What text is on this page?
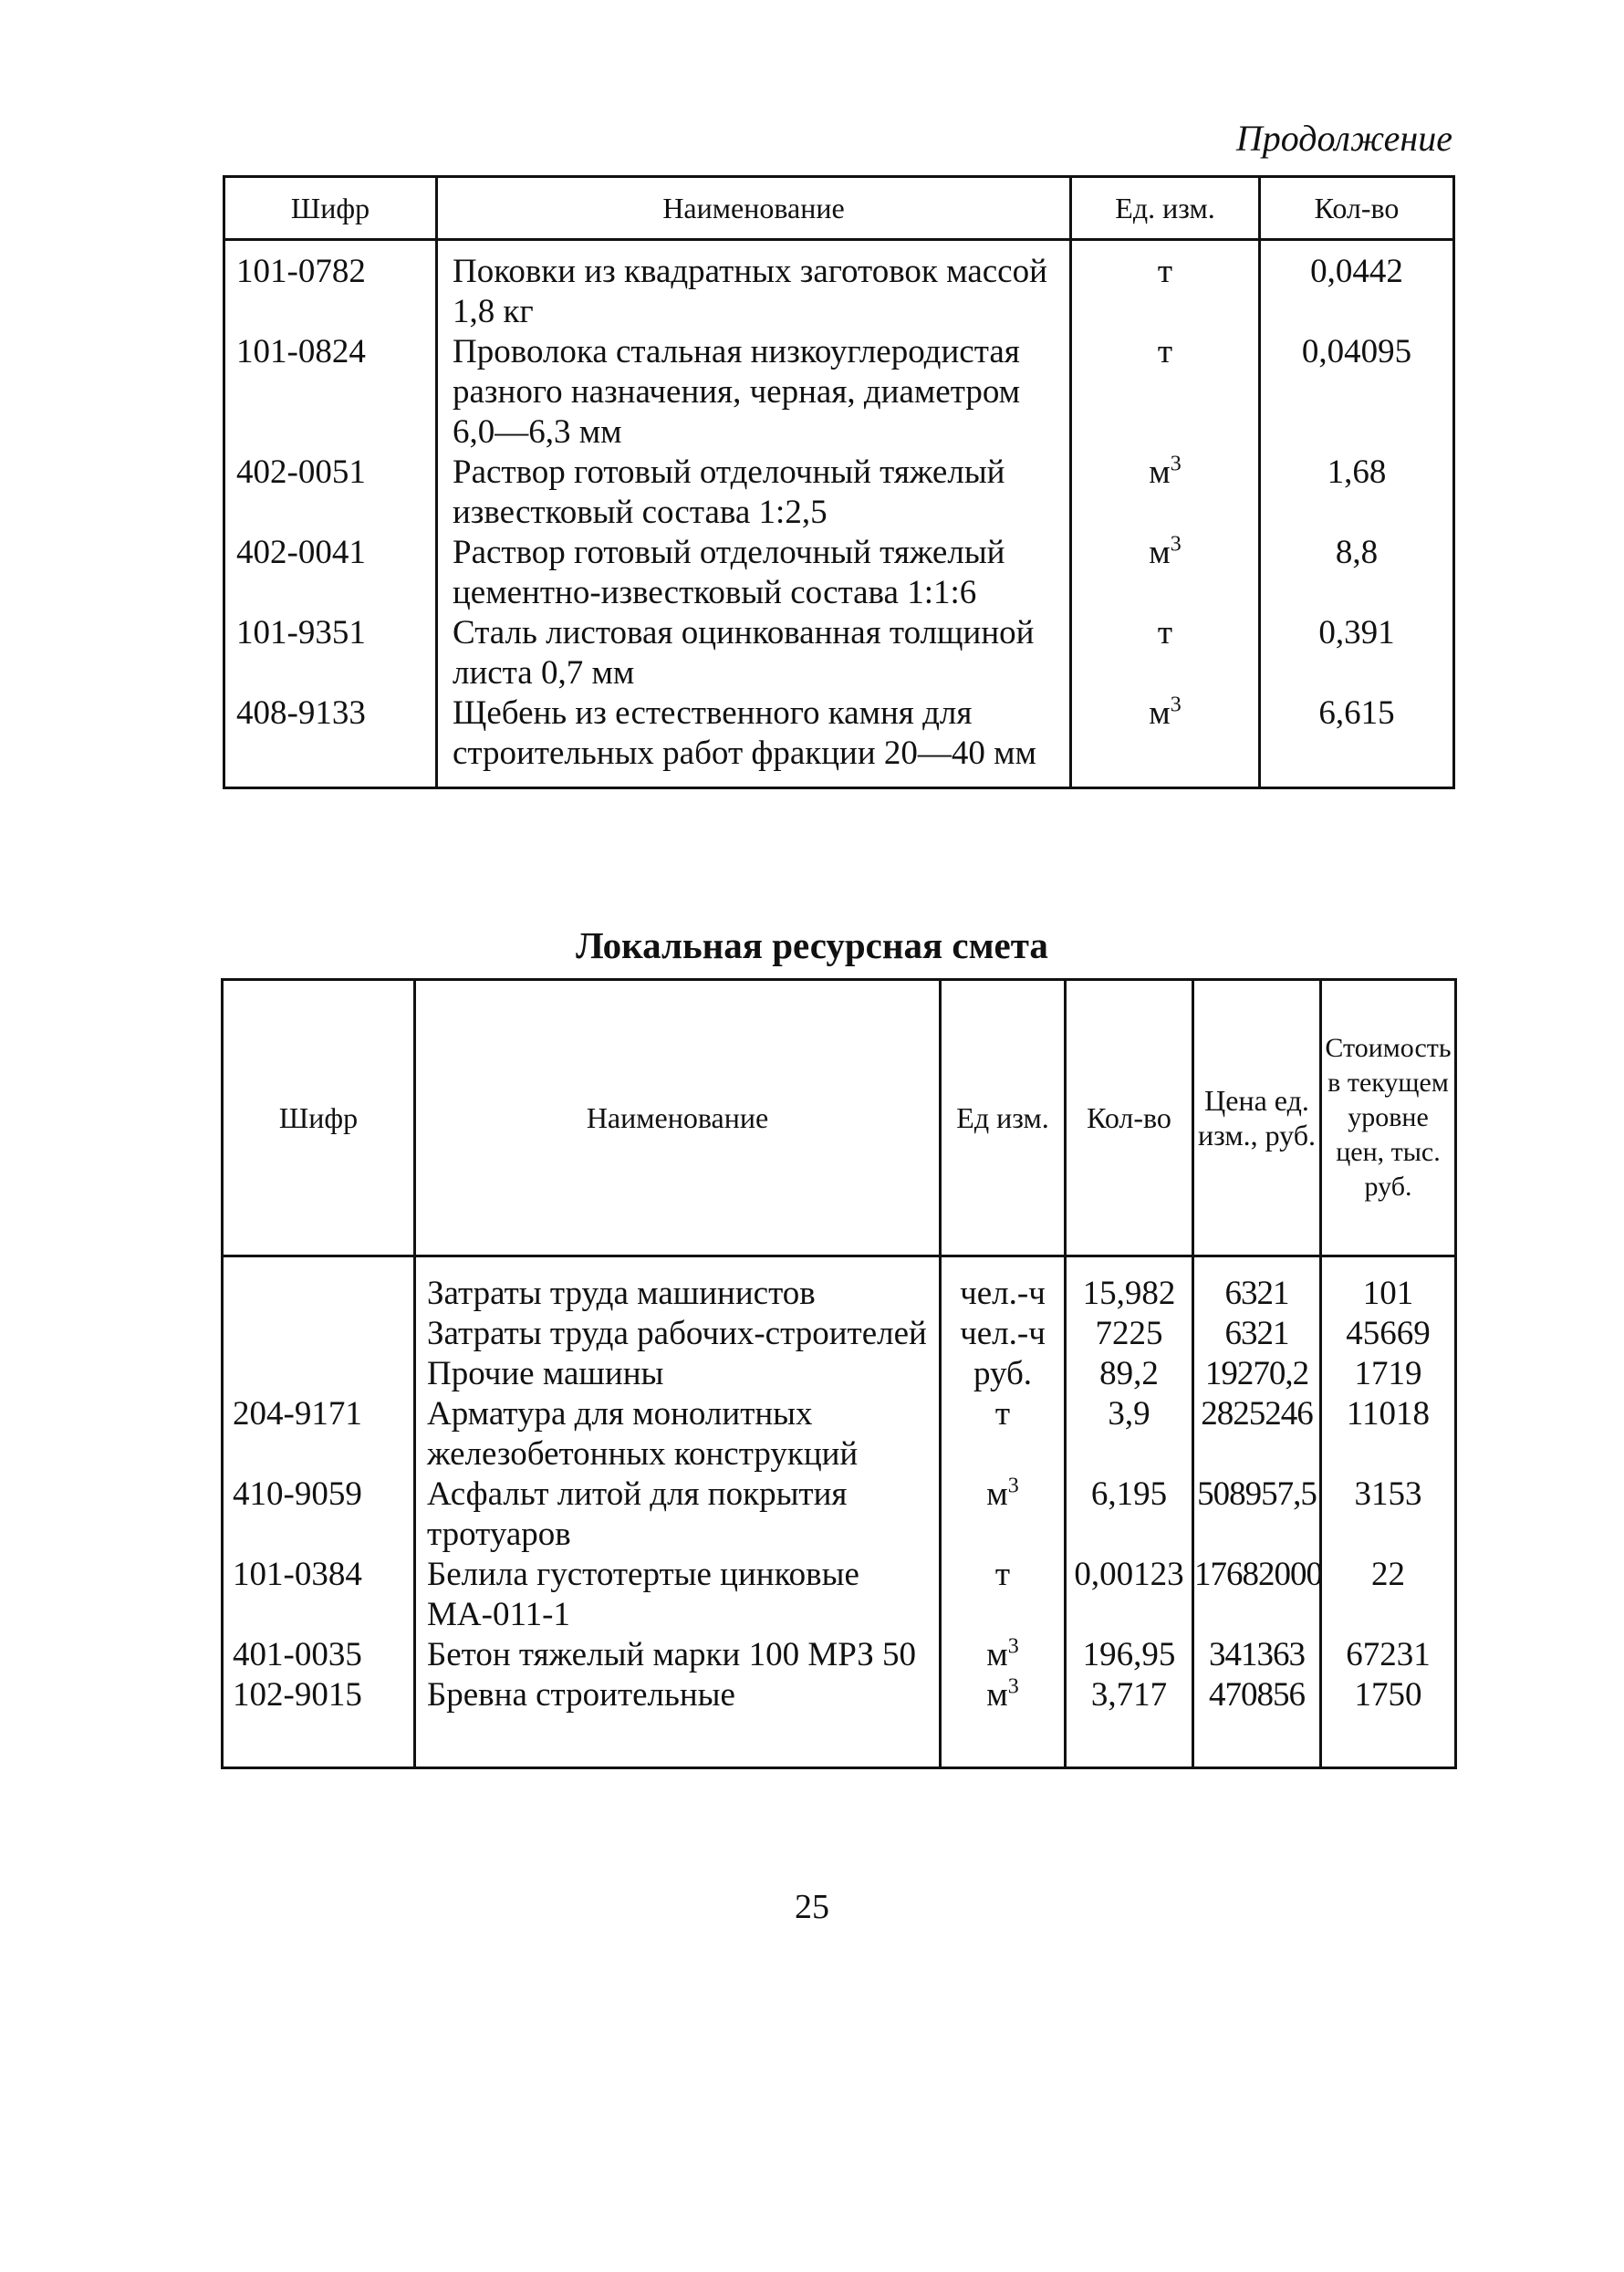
Продолжение
Шифр	Наименование	Ед. изм.	Кол-во
101-0782	Поковки из квадратных заготовок массой 1,8 кг	т	0,0442
101-0824	Проволока стальная низкоуглеродистая разного назначения, черная, диаметром 6,0—6,3 мм	т	0,04095
402-0051	Раствор готовый отделочный тяжелый известковый состава 1:2,5	$м^3$	1,68
402-0041	Раствор готовый отделочный тяжелый цементно-известковый состава 1:1:6	$м^3$	8,8
101-9351	Сталь листовая оцинкованная толщиной листа 0,7 мм	т	0,391
408-9133	Щебень из естественного камня для строительных работ фракции 20—40 мм	$м^3$	6,615
Локальная ресурсная смета
Шифр	Наименование	Ед изм.	Кол-во	Цена ед. изм., руб.	Стоимость в текущем уровне цен, тыс. руб.
	Затраты труда машинистов	чел.-ч	15,982	6321	101
	Затраты труда рабочих-строителей	чел.-ч	7225	6321	45669
	Прочие машины	руб.	89,2	19270,2	1719
204-9171	Арматура для монолитных железобетонных конструкций	т	3,9	2825246	11018
410-9059	Асфальт литой для покрытия тротуаров	$м^3$	6,195	508957,5	3153
101-0384	Белила густотертые цинковые МА-011-1	т	0,00123	17682000	22
401-0035	Бетон тяжелый марки 100 МРЗ 50	$м^3$	196,95	341363	67231
102-9015	Бревна строительные	$м^3$	3,717	470856	1750
25
